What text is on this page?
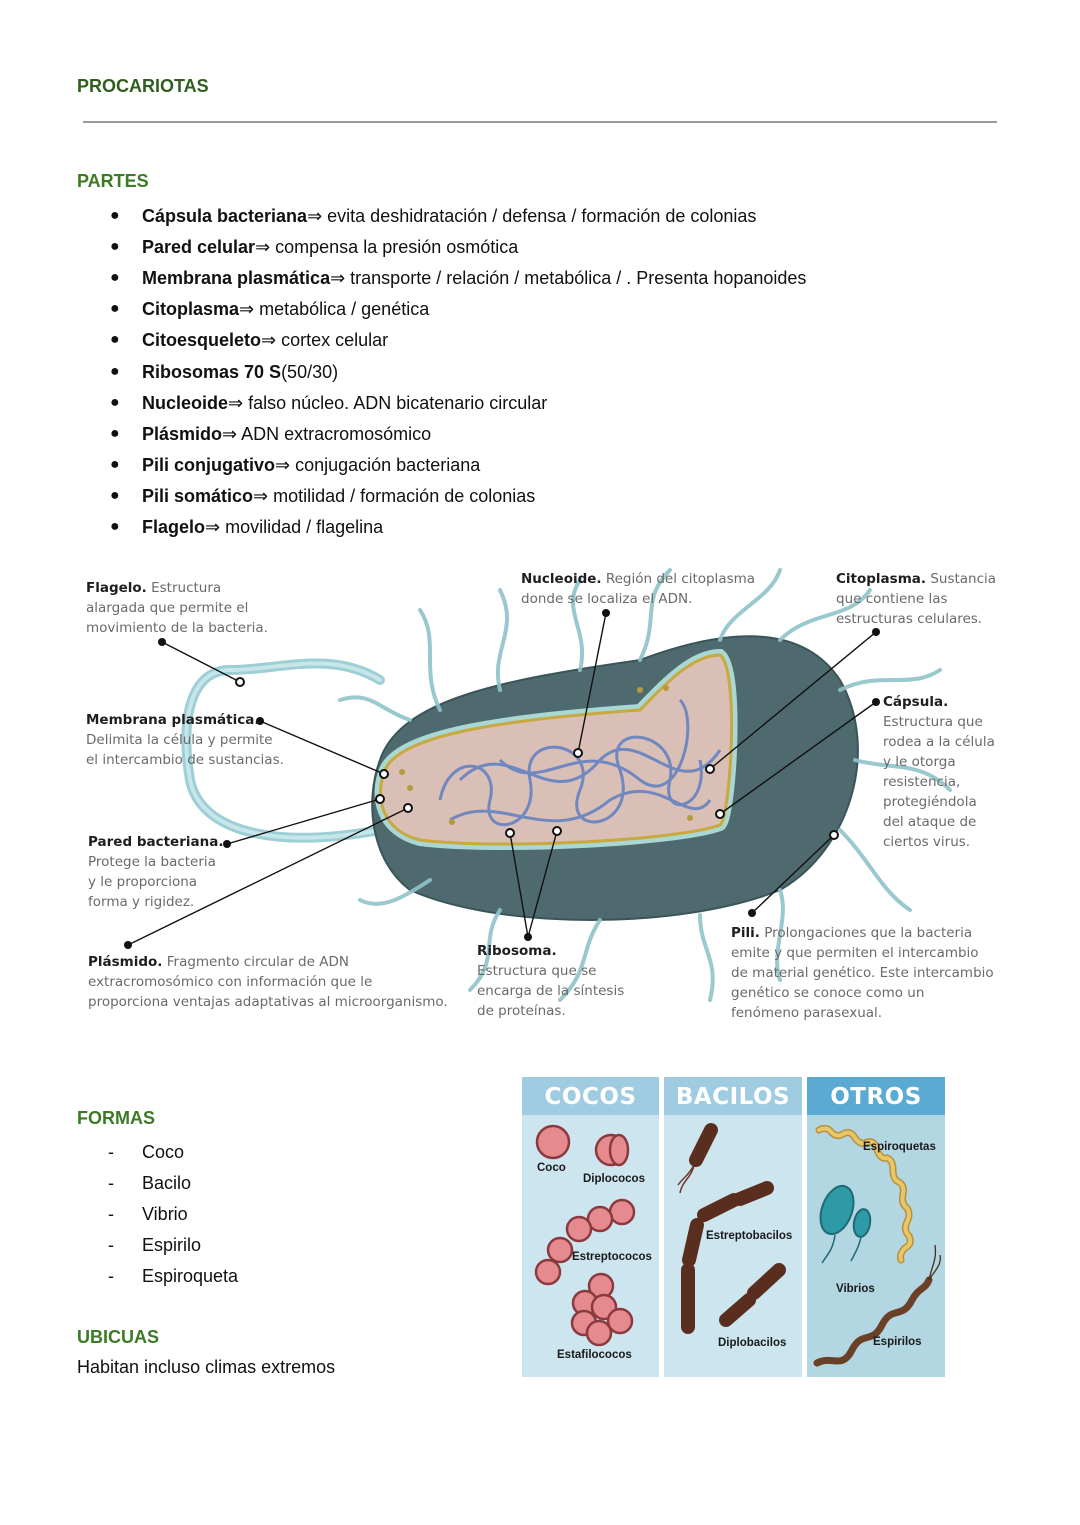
PROCARIOTAS
PARTES
●	Cápsula bacteriana ⇒ evita deshidratación / defensa / formación de colonias
●	Pared celular ⇒ compensa la presión osmótica
●	Membrana plasmática ⇒ transporte / relación / metabólica / . Presenta hopanoides
●	Citoplasma ⇒ metabólica / genética
●	Citoesqueleto ⇒ cortex celular
●	Ribosomas 70 S (50/30)
●	Nucleoide ⇒ falso núcleo. ADN bicatenario circular
●	Plásmido ⇒ ADN extracromosómico
●	Pili conjugativo ⇒ conjugación bacteriana
●	Pili somático ⇒ motilidad / formación de colonias
●	Flagelo ⇒ movilidad / flagelina
Flagelo. Estructura
alargada que permite el
movimiento de la bacteria.
Membrana plasmática.
Delimita la célula y permite
el intercambio de sustancias.
Pared bacteriana.
Protege la bacteria
y le proporciona
forma y rigidez.
Plásmido. Fragmento circular de ADN
extracromosómico con información que le
proporciona ventajas adaptativas al microorganismo.
Nucleoide. Región del citoplasma
donde se localiza el ADN.
Citoplasma. Sustancia
que contiene las
estructuras celulares.
Cápsula.
Estructura que
rodea a la célula
y le otorga
resistencia,
protegiéndola
del ataque de
ciertos virus.
Ribosoma.
Estructura que se
encarga de la síntesis
de proteínas.
Pili. Prolongaciones que la bacteria
emite y que permiten el intercambio
de material genético. Este intercambio
genético se conoce como un
fenómeno parasexual.
FORMAS
-	Coco
-	Bacilo
-	Vibrio
-	Espirilo
-	Espiroqueta
UBICUAS
Habitan incluso climas extremos
COCOS
Coco
Diplococos
Estreptococos
Estafilococos
BACILOS
Estreptobacilos
Diplobacilos
OTROS
Espiroquetas
Vibrios
Espirilos
